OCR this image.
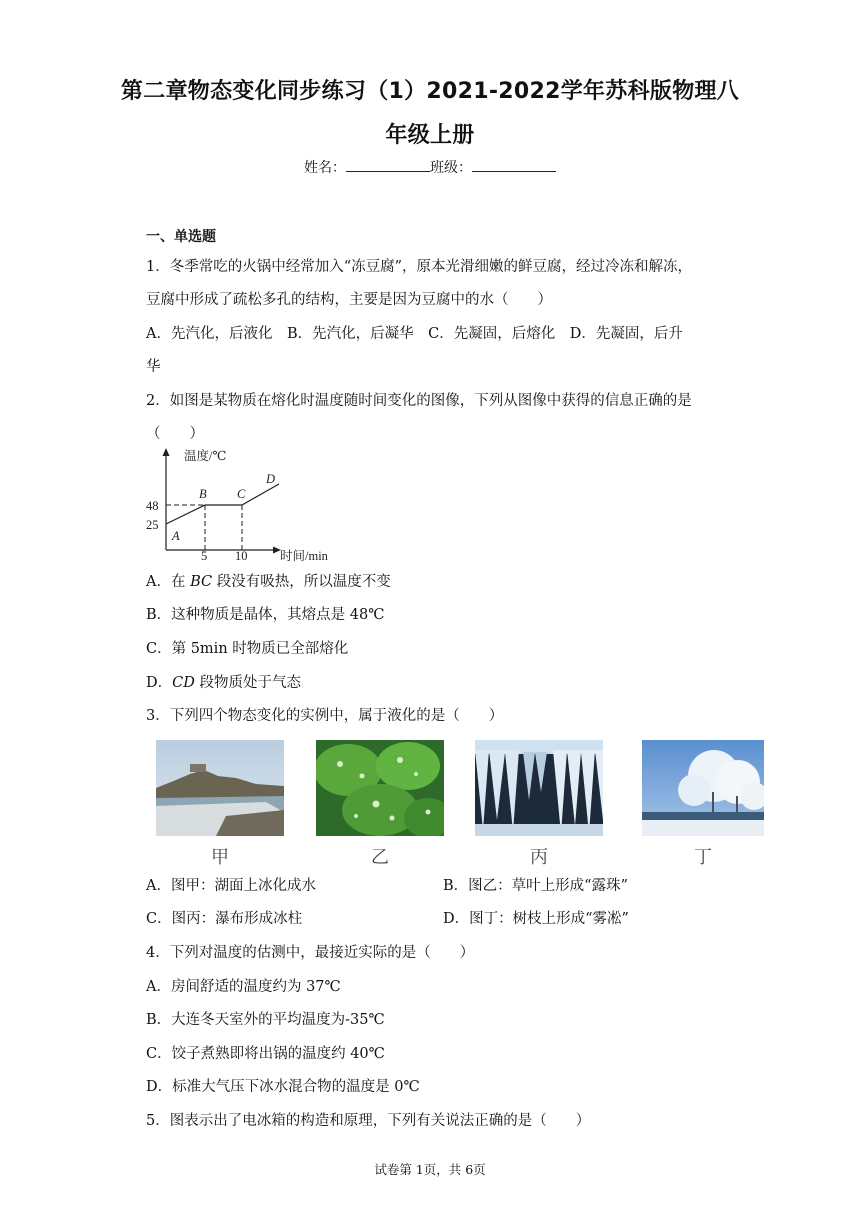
第二章物态变化同步练习（1）2021-2022学年苏科版物理八
年级上册
姓名：	班级：
一、单选题
1．冬季常吃的火锅中经常加入“冻豆腐”，原本光滑细嫩的鲜豆腐，经过冷冻和解冻，
豆腐中形成了疏松多孔的结构，主要是因为豆腐中的水（　　）
A．先汽化，后液化　B．先汽化，后凝华　C．先凝固，后熔化　D．先凝固，后升
华
2．如图是某物质在熔化时温度随时间变化的图像，下列从图像中获得的信息正确的是
（　　）
温度/℃
时间/min
48
25
5 10
A
B C
D
A．在 BC 段没有吸热，所以温度不变
B．这种物质是晶体，其熔点是 48℃
C．第 5min 时物质已全部熔化
D．CD 段物质处于气态
3．下列四个物态变化的实例中，属于液化的是（　　）
甲	乙	丙	丁
A．图甲：湖面上冰化成水	B．图乙：草叶上形成“露珠”
C．图丙：瀑布形成冰柱	D．图丁：树枝上形成“雾凇”
4．下列对温度的估测中，最接近实际的是（　　）
A．房间舒适的温度约为 37℃
B．大连冬天室外的平均温度为-35℃
C．饺子煮熟即将出锅的温度约 40℃
D．标准大气压下冰水混合物的温度是 0℃
5．图表示出了电冰箱的构造和原理，下列有关说法正确的是（　　）
试卷第 1页，共 6页
